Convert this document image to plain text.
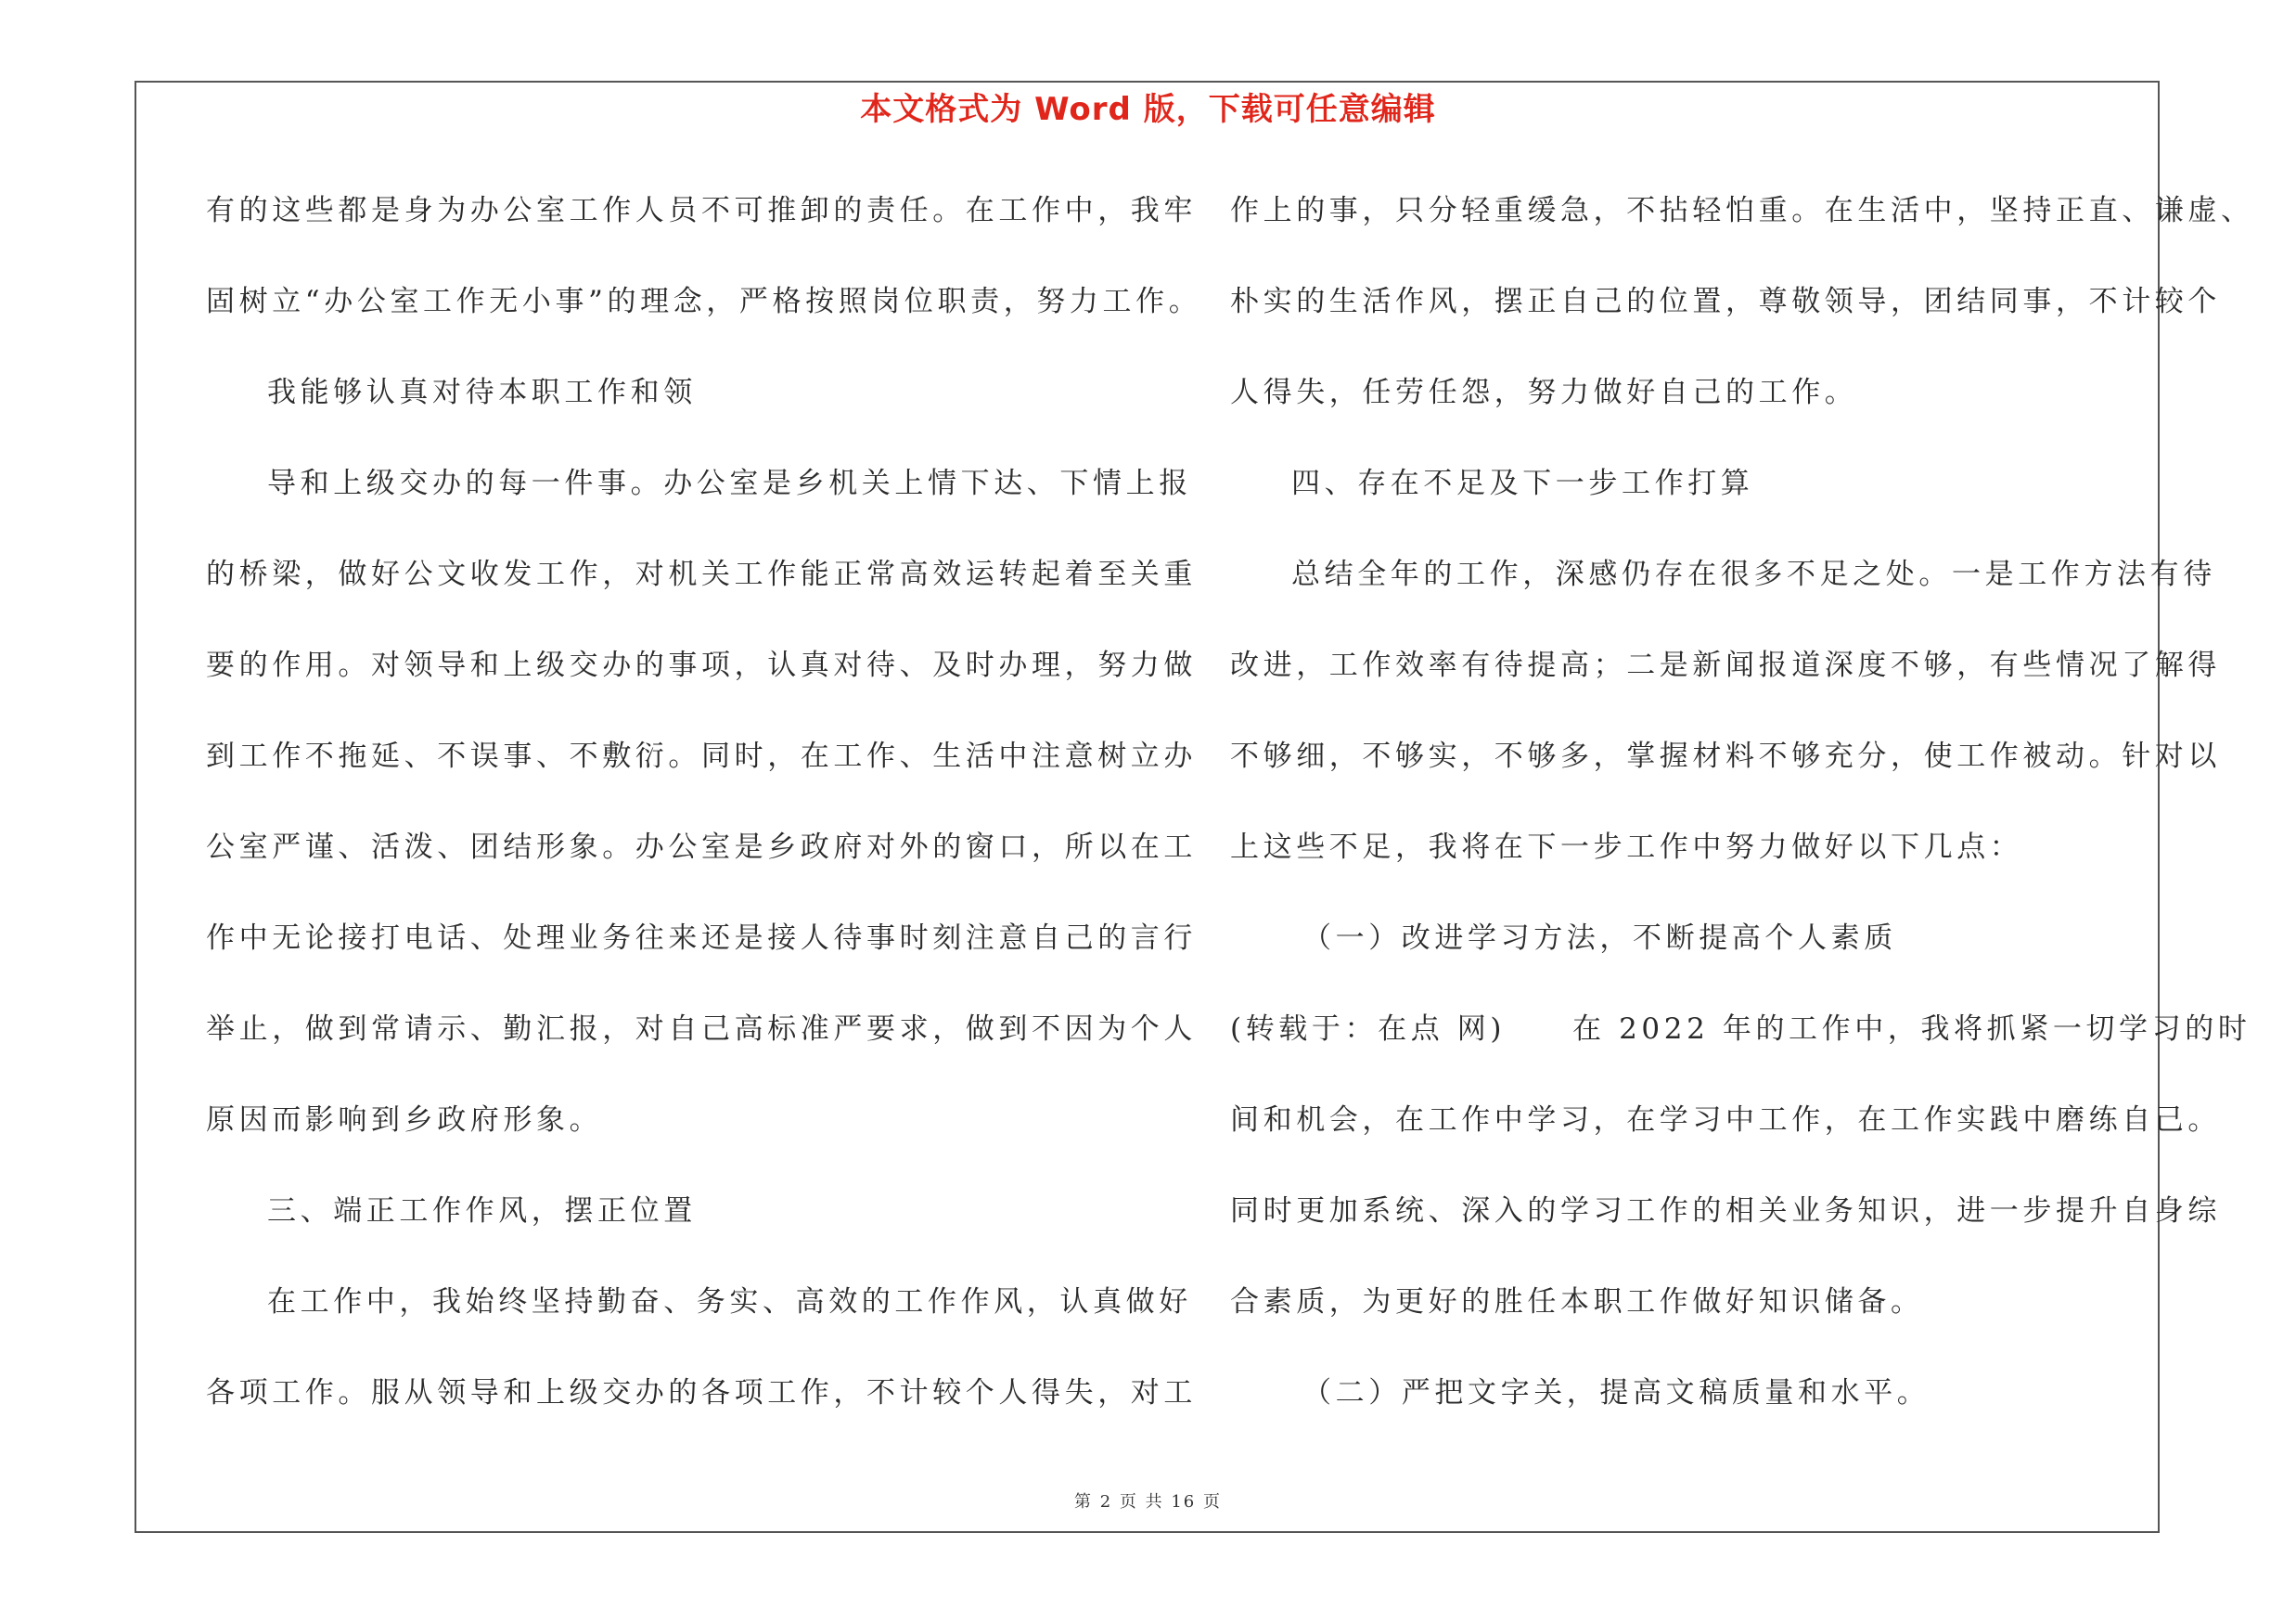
本文格式为 Word 版，下载可任意编辑
有的这些都是身为办公室工作人员不可推卸的责任。在工作中，我牢
固树立“办公室工作无小事”的理念，严格按照岗位职责，努力工作。
我能够认真对待本职工作和领
导和上级交办的每一件事。办公室是乡机关上情下达、下情上报
的桥梁，做好公文收发工作，对机关工作能正常高效运转起着至关重
要的作用。对领导和上级交办的事项，认真对待、及时办理，努力做
到工作不拖延、不误事、不敷衍。同时，在工作、生活中注意树立办
公室严谨、活泼、团结形象。办公室是乡政府对外的窗口，所以在工
作中无论接打电话、处理业务往来还是接人待事时刻注意自己的言行
举止，做到常请示、勤汇报，对自己高标准严要求，做到不因为个人
原因而影响到乡政府形象。
三、端正工作作风，摆正位置
在工作中，我始终坚持勤奋、务实、高效的工作作风，认真做好
各项工作。服从领导和上级交办的各项工作，不计较个人得失，对工
作上的事，只分轻重缓急，不拈轻怕重。在生活中，坚持正直、谦虚、
朴实的生活作风，摆正自己的位置，尊敬领导，团结同事，不计较个
人得失，任劳任怨，努力做好自己的工作。
四、存在不足及下一步工作打算
总结全年的工作，深感仍存在很多不足之处。一是工作方法有待
改进，工作效率有待提高；二是新闻报道深度不够，有些情况了解得
不够细，不够实，不够多，掌握材料不够充分，使工作被动。针对以
上这些不足，我将在下一步工作中努力做好以下几点：
（一）改进学习方法，不断提高个人素质
(转载于：在点 网) 在 2022 年的工作中，我将抓紧一切学习的时
间和机会，在工作中学习，在学习中工作，在工作实践中磨练自己。
同时更加系统、深入的学习工作的相关业务知识，进一步提升自身综
合素质，为更好的胜任本职工作做好知识储备。
（二）严把文字关，提高文稿质量和水平。
第 2 页 共 16 页
